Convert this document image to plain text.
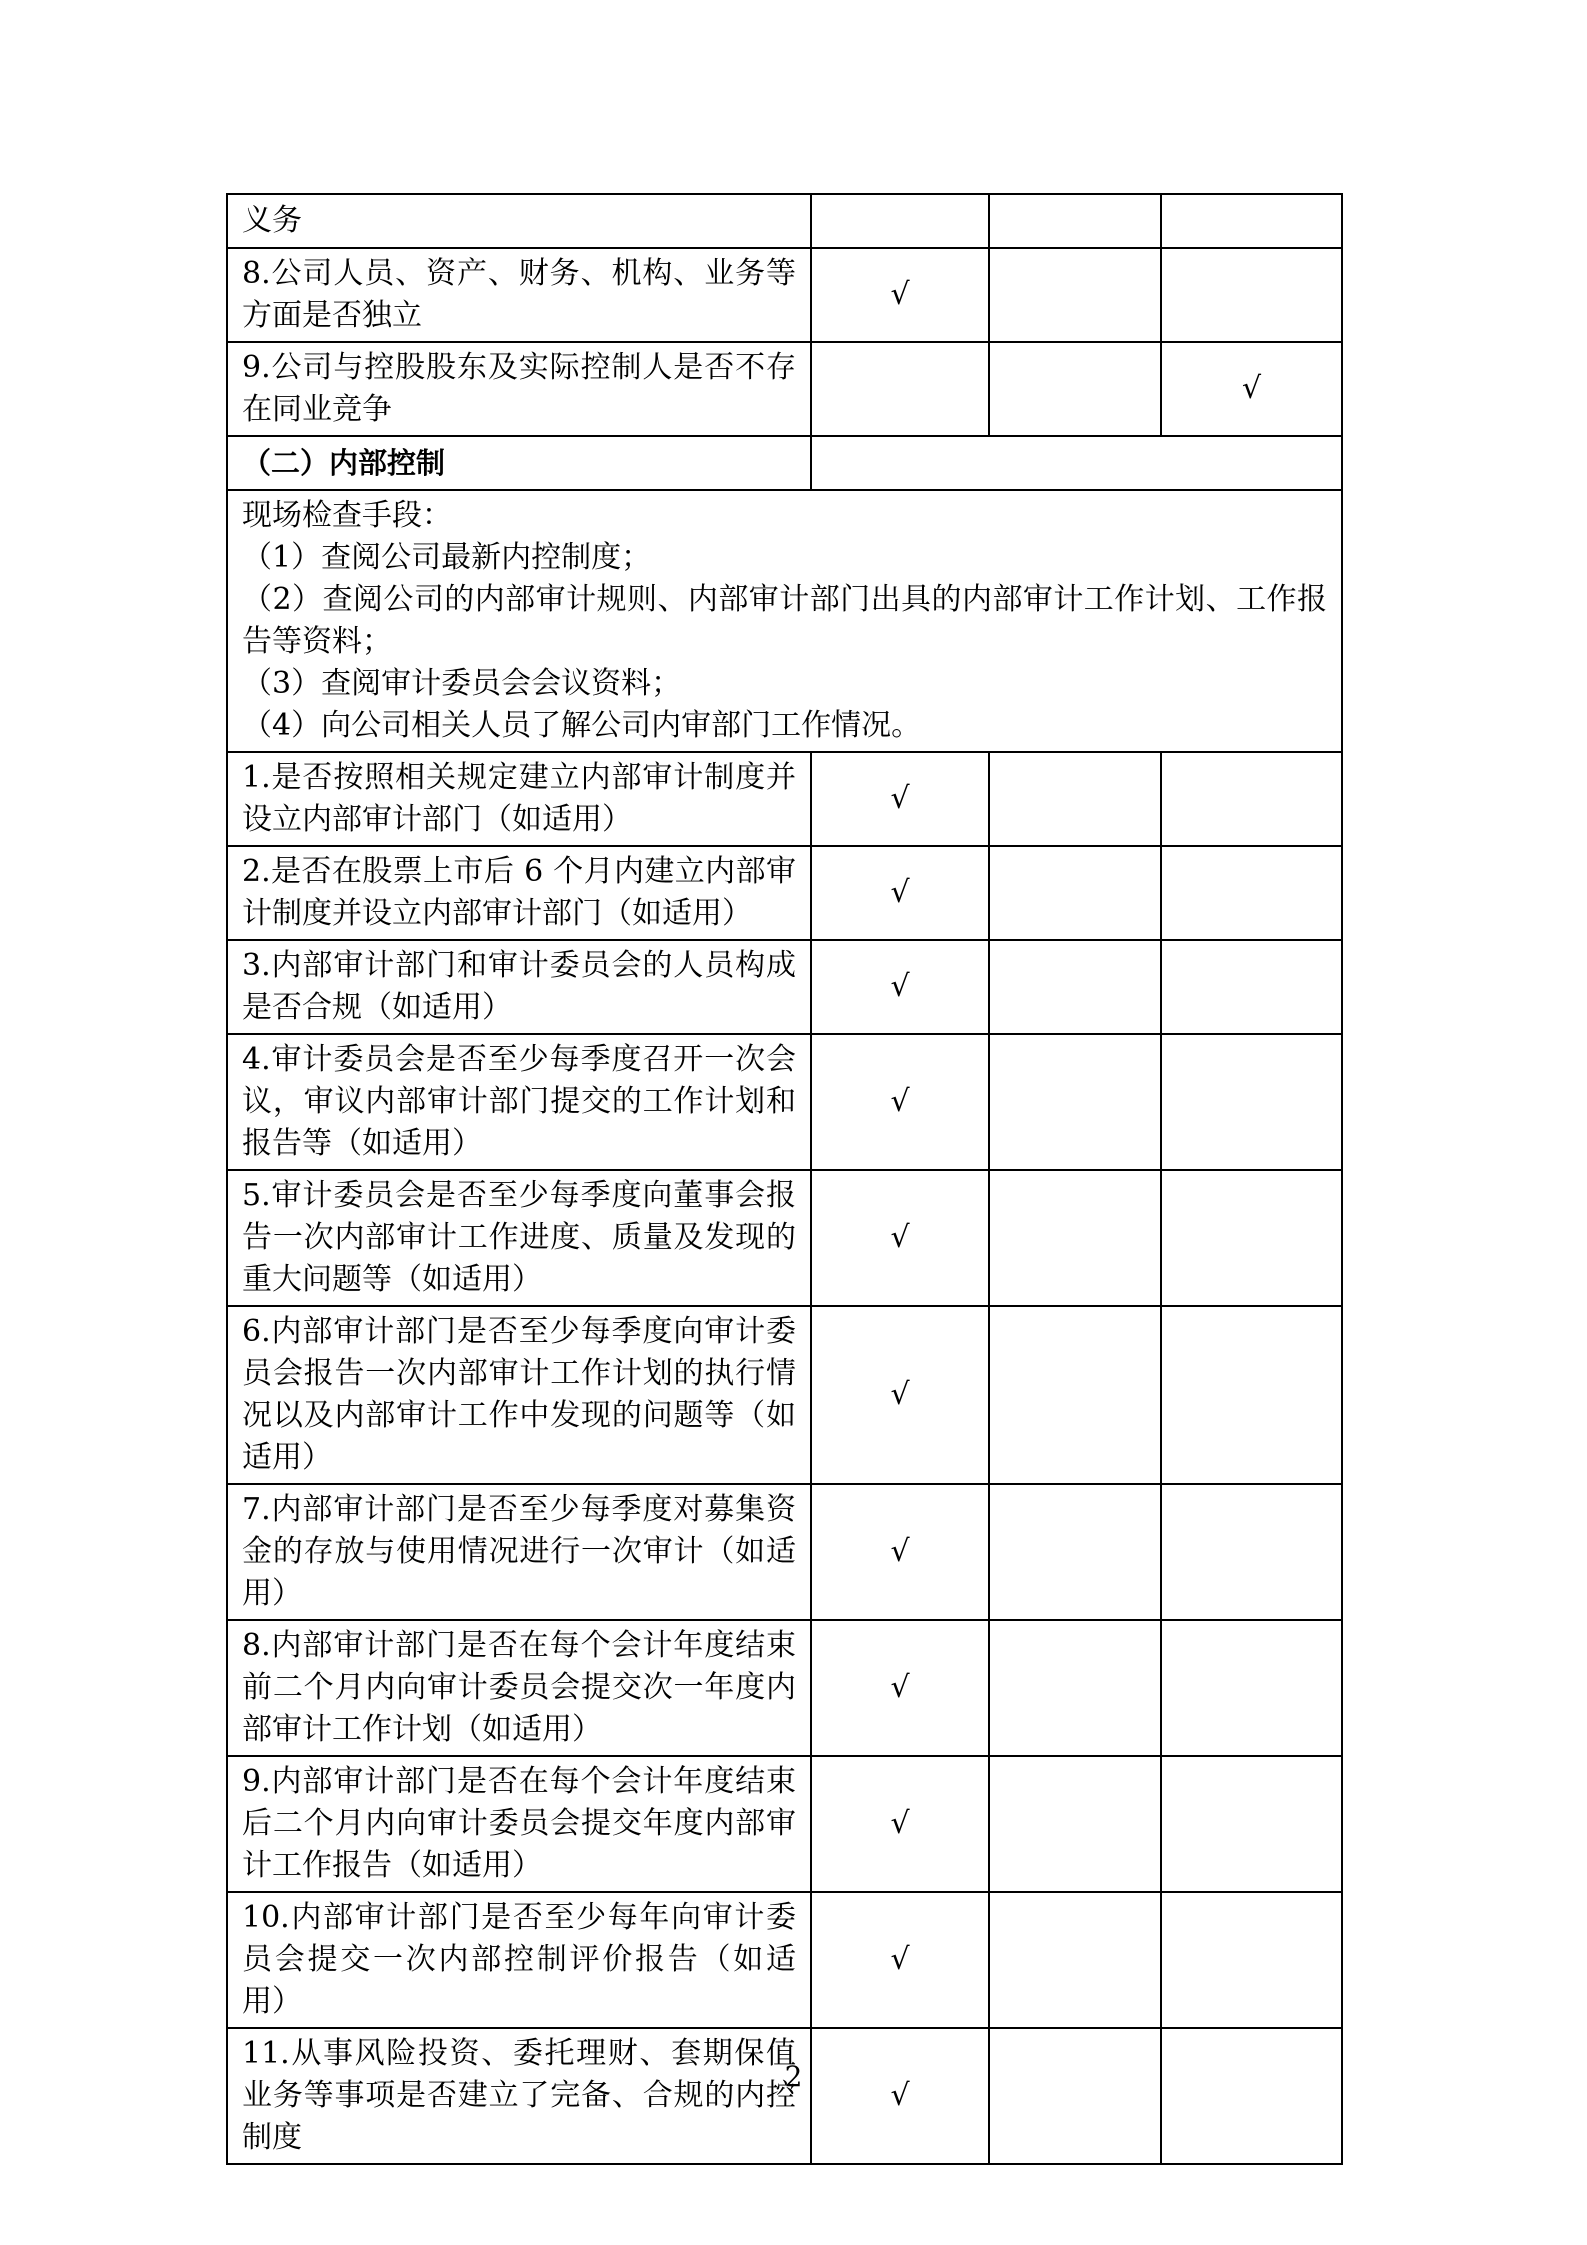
义务			
8.公司人员、资产、财务、机构、业务等方面是否独立	√		
9.公司与控股股东及实际控制人是否不存在同业竞争			√
（二）内部控制			

现场检查手段：
（1）查阅公司最新内控制度；
（2）查阅公司的内部审计规则、内部审计部门出具的内部审计工作计划、工作报告等资料；
（3）查阅审计委员会会议资料；
（4）向公司相关人员了解公司内审部门工作情况。			

1.是否按照相关规定建立内部审计制度并设立内部审计部门（如适用）	√		
2.是否在股票上市后 6 个月内建立内部审计制度并设立内部审计部门（如适用）	√		
3.内部审计部门和审计委员会的人员构成是否合规（如适用）	√		
4.审计委员会是否至少每季度召开一次会议，审议内部审计部门提交的工作计划和报告等（如适用）	√		
5.审计委员会是否至少每季度向董事会报告一次内部审计工作进度、质量及发现的重大问题等（如适用）	√		
6.内部审计部门是否至少每季度向审计委员会报告一次内部审计工作计划的执行情况以及内部审计工作中发现的问题等（如适用）	√		
7.内部审计部门是否至少每季度对募集资金的存放与使用情况进行一次审计（如适用）	√		
8.内部审计部门是否在每个会计年度结束前二个月内向审计委员会提交次一年度内部审计工作计划（如适用）	√		
9.内部审计部门是否在每个会计年度结束后二个月内向审计委员会提交年度内部审计工作报告（如适用）	√		
10.内部审计部门是否至少每年向审计委员会提交一次内部控制评价报告（如适用）	√		
11.从事风险投资、委托理财、套期保值业务等事项是否建立了完备、合规的内控制度	√		
2
